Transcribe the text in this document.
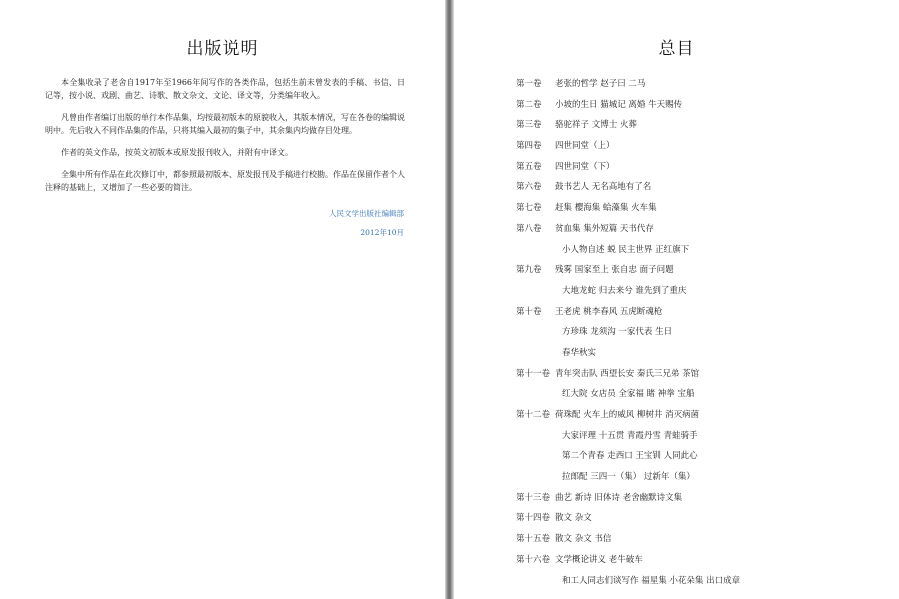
出版说明

本全集收录了老舍自1917年至1966年间写作的各类作品，包括生前未曾发表的手稿、书信、日记等，按小说、戏剧、曲艺、诗歌、散文杂文、文论、译文等，分类编年收入。

凡曾由作者编订出版的单行本作品集，均按最初版本的原貌收入，其版本情况，写在各卷的编辑说明中。先后收入不同作品集的作品，只将其编入最初的集子中，其余集内均做存目处理。

作者的英文作品，按英文初版本或原发报刊收入，并附有中译文。

全集中所有作品在此次修订中，都参照最初版本、原发报刊及手稿进行校勘。作品在保留作者个人注释的基础上，又增加了一些必要的简注。

人民文学出版社编辑部
2012年10月
总目
第一卷 老张的哲学 赵子曰 二马
第二卷 小坡的生日 猫城记 离婚 牛天赐传
第三卷 骆驼祥子 文博士 火葬
第四卷 四世同堂（上）
第五卷 四世同堂（下）
第六卷 鼓书艺人 无名高地有了名
第七卷 赶集 樱海集 蛤藻集 火车集
第八卷 贫血集 集外短篇 天书代存
小人物自述 蜕 民主世界 正红旗下
第九卷 残雾 国家至上 张自忠 面子问题
大地龙蛇 归去来兮 谁先到了重庆
第十卷 王老虎 桃李春风 五虎断魂枪
方珍珠 龙须沟 一家代表 生日
春华秋实
第十一卷 青年突击队 西望长安 秦氏三兄弟 茶馆
红大院 女店员 全家福 睹 神拳 宝船
第十二卷 荷珠配 火车上的威风 柳树井 消灭病菌
大家评理 十五贯 青霞丹雪 青蛙骑手
第二个青春 走西口 王宝钏 人同此心
拉郎配 三四一（集） 过新年（集）
第十三卷 曲艺 新诗 旧体诗 老舍幽默诗文集
第十四卷 散文 杂文
第十五卷 散文 杂文 书信
第十六卷 文学概论讲义 老牛破车
和工人同志们谈写作 福星集 小花朵集 出口成章
